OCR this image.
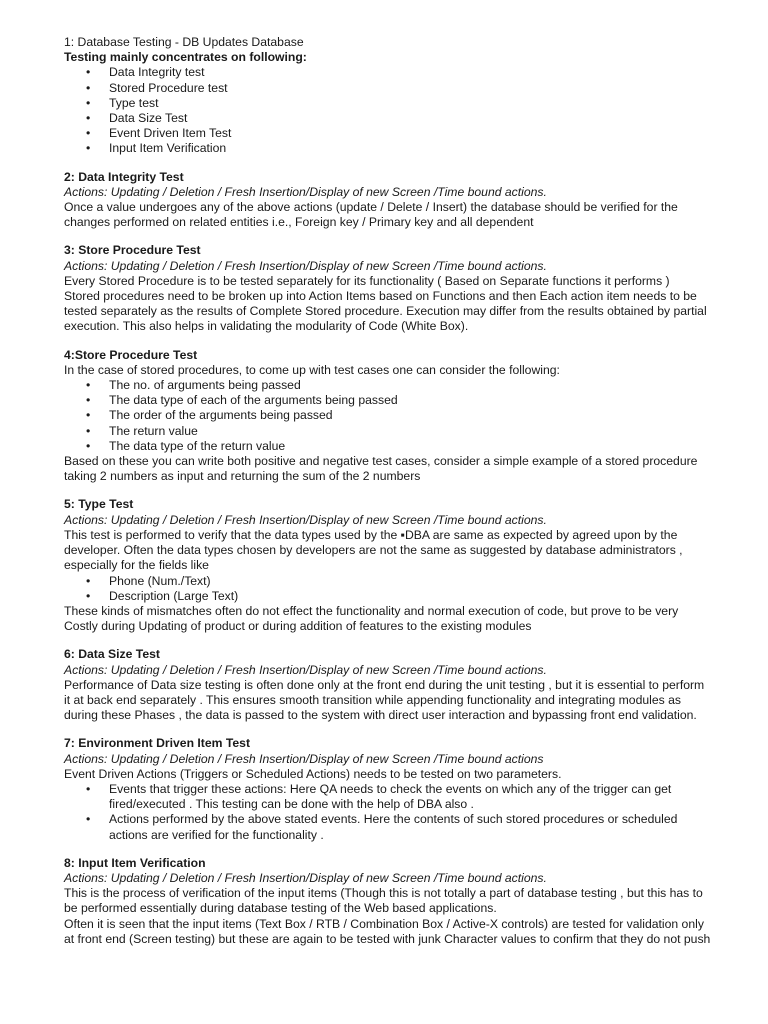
1: Database Testing - DB Updates Database
Testing mainly concentrates on following:
• Data Integrity test
• Stored Procedure test
• Type test
• Data Size Test
• Event Driven Item Test
• Input Item Verification
2: Data Integrity Test
Actions: Updating / Deletion / Fresh Insertion/Display of new Screen /Time bound actions.
Once a value undergoes any of the above actions (update / Delete / Insert) the database should be verified for the
changes performed on related entities i.e., Foreign key / Primary key and all dependent
3: Store Procedure Test
Actions: Updating / Deletion / Fresh Insertion/Display of new Screen /Time bound actions.
Every Stored Procedure is to be tested separately for its functionality ( Based on Separate functions it performs )
Stored procedures need to be broken up into Action Items based on Functions and then Each action item needs to be
tested separately as the results of Complete Stored procedure. Execution may differ from the results obtained by partial
execution. This also helps in validating the modularity of Code (White Box).
4:Store Procedure Test
In the case of stored procedures, to come up with test cases one can consider the following:
• The no. of arguments being passed
• The data type of each of the arguments being passed
• The order of the arguments being passed
• The return value
• The data type of the return value
Based on these you can write both positive and negative test cases, consider a simple example of a stored procedure
taking 2 numbers as input and returning the sum of the 2 numbers
5: Type Test
Actions: Updating / Deletion / Fresh Insertion/Display of new Screen /Time bound actions.
This test is performed to verify that the data types used by the ▪DBA are same as expected by agreed upon by the
developer. Often the data types chosen by developers are not the same as suggested by database administrators ,
especially for the fields like
• Phone (Num./Text)
• Description (Large Text)
These kinds of mismatches often do not effect the functionality and normal execution of code, but prove to be very
Costly during Updating of product or during addition of features to the existing modules
6: Data Size Test
Actions: Updating / Deletion / Fresh Insertion/Display of new Screen /Time bound actions.
Performance of Data size testing is often done only at the front end during the unit testing , but it is essential to perform
it at back end separately . This ensures smooth transition while appending functionality and integrating modules as
during these Phases , the data is passed to the system with direct user interaction and bypassing front end validation.
7: Environment Driven Item Test
Actions: Updating / Deletion / Fresh Insertion/Display of new Screen /Time bound actions
Event Driven Actions (Triggers or Scheduled Actions) needs to be tested on two parameters.
• Events that trigger these actions: Here QA needs to check the events on which any of the trigger can get
fired/executed . This testing can be done with the help of DBA also .
• Actions performed by the above stated events. Here the contents of such stored procedures or scheduled
actions are verified for the functionality .
8: Input Item Verification
Actions: Updating / Deletion / Fresh Insertion/Display of new Screen /Time bound actions.
This is the process of verification of the input items (Though this is not totally a part of database testing , but this has to
be performed essentially during database testing of the Web based applications.
Often it is seen that the input items (Text Box / RTB / Combination Box / Active-X controls) are tested for validation only
at front end (Screen testing) but these are again to be tested with junk Character values to confirm that they do not push
